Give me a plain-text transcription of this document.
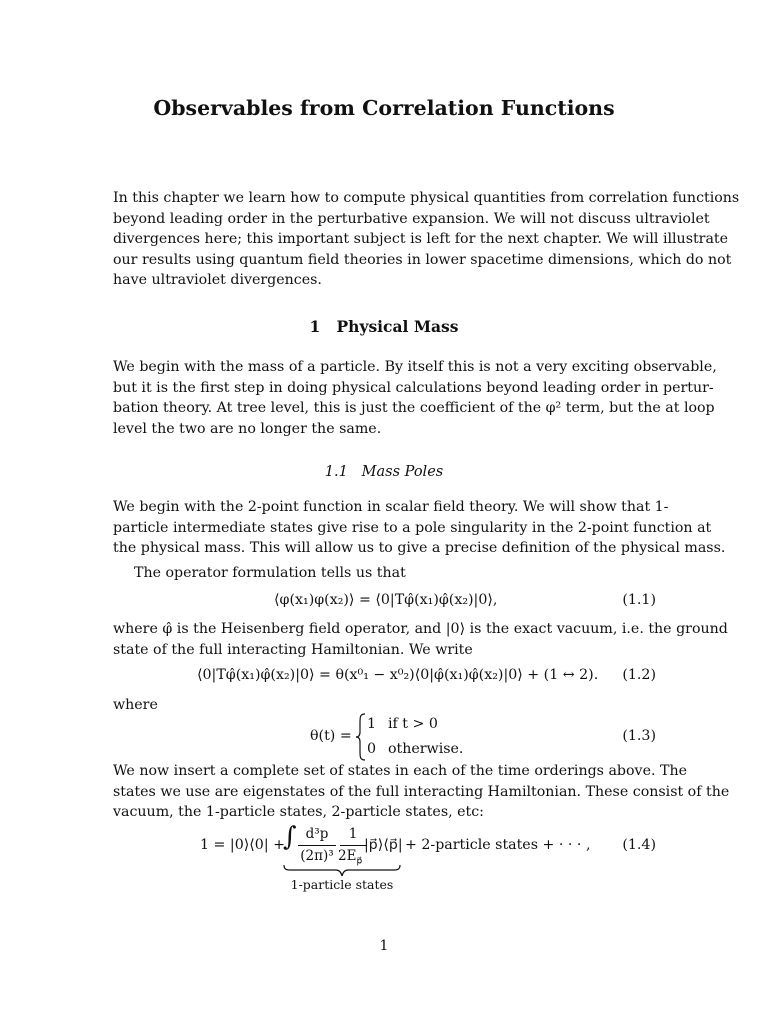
Observables from Correlation Functions
In this chapter we learn how to compute physical quantities from correlation functions
beyond leading order in the perturbative expansion. We will not discuss ultraviolet
divergences here; this important subject is left for the next chapter. We will illustrate
our results using quantum field theories in lower spacetime dimensions, which do not
have ultraviolet divergences.
1 Physical Mass
We begin with the mass of a particle. By itself this is not a very exciting observable,
but it is the first step in doing physical calculations beyond leading order in pertur-
bation theory. At tree level, this is just the coefficient of the φ² term, but the at loop
level the two are no longer the same.
1.1 Mass Poles
We begin with the 2-point function in scalar field theory. We will show that 1-
particle intermediate states give rise to a pole singularity in the 2-point function at
the physical mass. This will allow us to give a precise definition of the physical mass.
The operator formulation tells us that
⟨φ(x₁)φ(x₂)⟩ = ⟨0|Tφ̂(x₁)φ̂(x₂)|0⟩,	(1.1)
where φ̂ is the Heisenberg field operator, and |0⟩ is the exact vacuum, i.e. the ground
state of the full interacting Hamiltonian. We write
⟨0|Tφ̂(x₁)φ̂(x₂)|0⟩ = θ(x⁰₁ − x⁰₂)⟨0|φ̂(x₁)φ̂(x₂)|0⟩ + (1 ↔ 2).	(1.2)
where
θ(t) =
1 if t > 0
0 otherwise.
(1.3)
We now insert a complete set of states in each of the time orderings above. The
states we use are eigenstates of the full interacting Hamiltonian. These consist of the
vacuum, the 1-particle states, 2-particle states, etc:
1 = |0⟩⟨0| +
∫ d³p
(2π)³
1
$2E_{p⃗}$
|p⃗⟩⟨p⃗| + 2-particle states + · · · ,
1-particle states
(1.4)
1
